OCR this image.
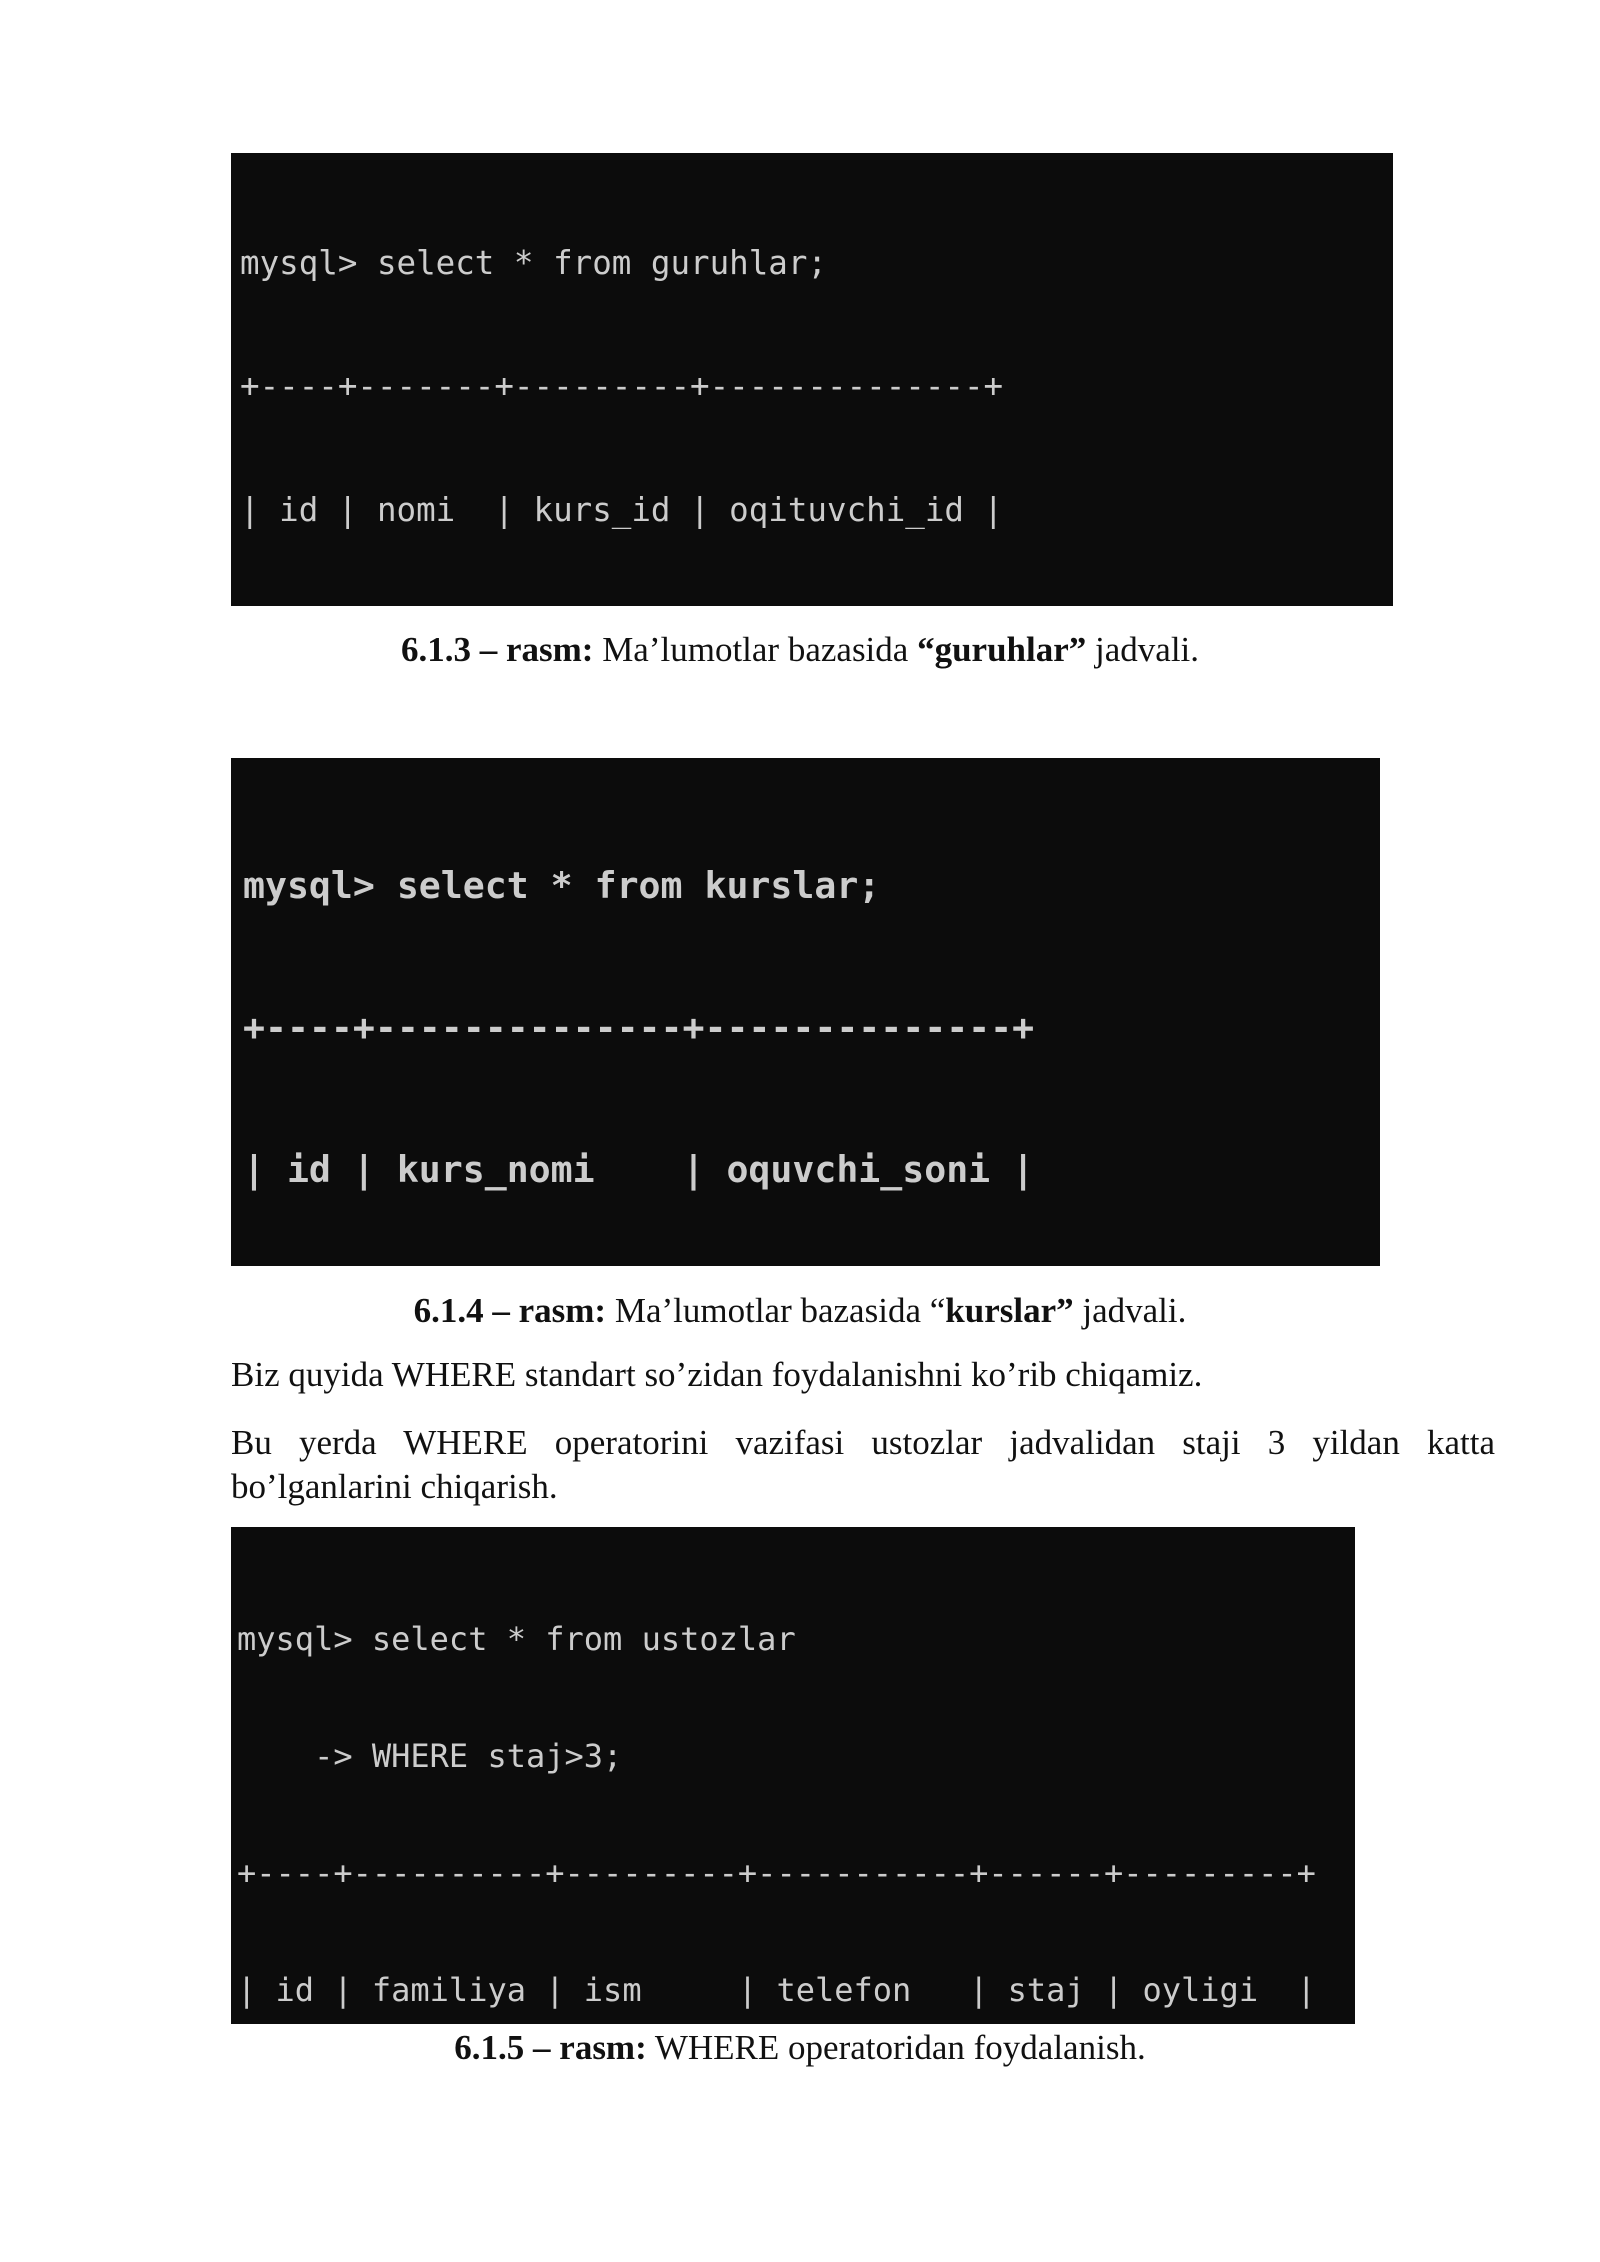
mysql> select * from guruhlar;

+----+-------+---------+--------------+

| id | nomi  | kurs_id | oqituvchi_id |

6.1.3 – rasm: Ma’lumotlar bazasida “guruhlar” jadvali.

mysql> select * from kurslar;

+----+--------------+--------------+

| id | kurs_nomi    | oquvchi_soni |

6.1.4 – rasm: Ma’lumotlar bazasida “kurslar” jadvali.

Biz quyida WHERE standart so’zidan foydalanishni ko’rib chiqamiz.

Bu yerda WHERE operatorini vazifasi ustozlar jadvalidan staji 3 yildan katta bo’lganlarini chiqarish.

mysql> select * from ustozlar

-> WHERE staj>3;

+----+----------+---------+-----------+------+---------+

| id | familiya | ism     | telefon   | staj | oyligi  |

6.1.5 – rasm: WHERE operatoridan foydalanish.
